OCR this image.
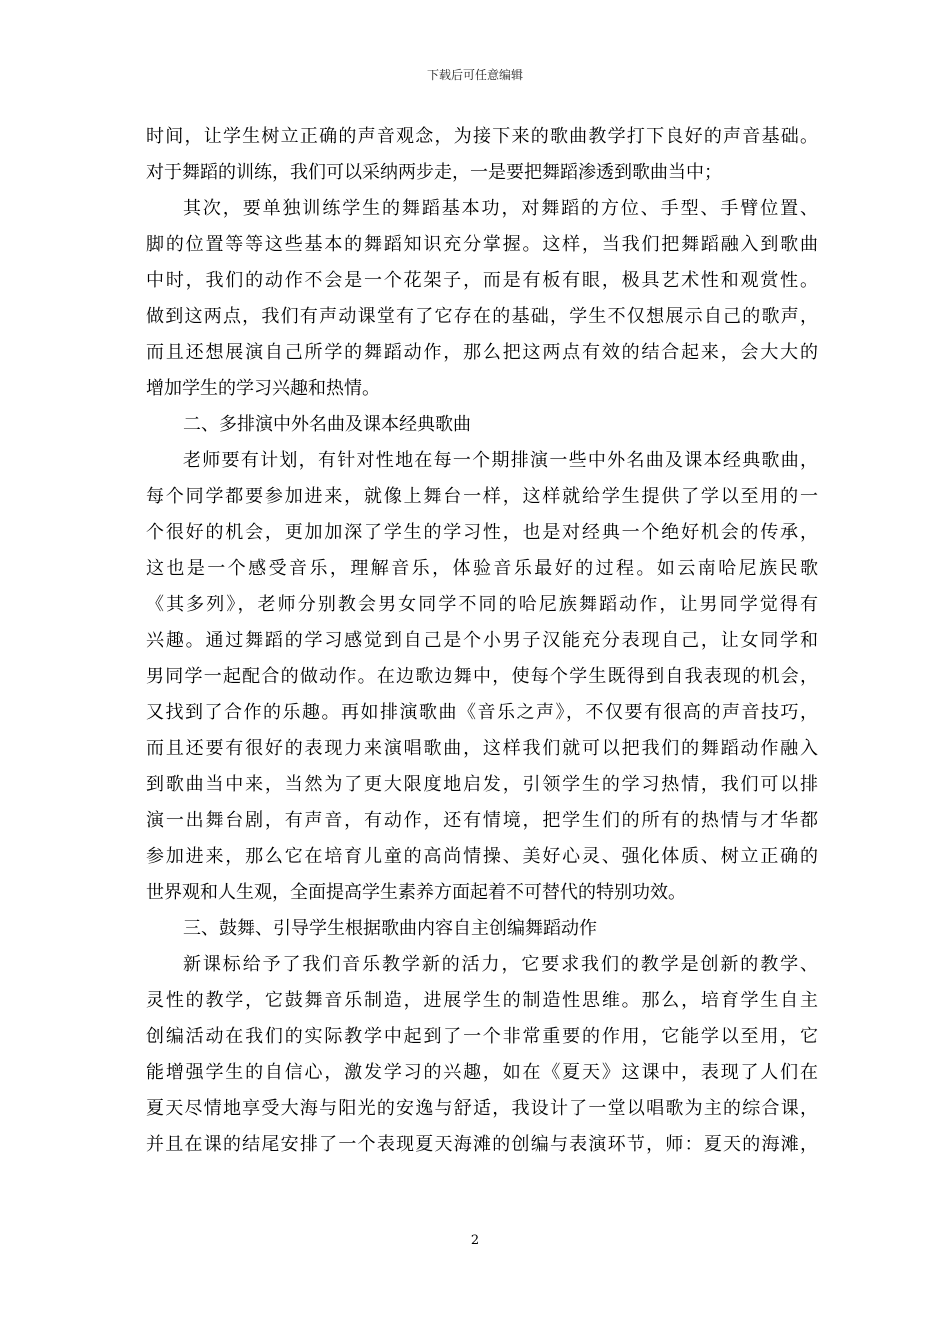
下载后可任意编辑
时间，让学生树立正确的声音观念，为接下来的歌曲教学打下良好的声音基础。
对于舞蹈的训练，我们可以采纳两步走，一是要把舞蹈渗透到歌曲当中；
其次，要单独训练学生的舞蹈基本功，对舞蹈的方位、手型、手臂位置、
脚的位置等等这些基本的舞蹈知识充分掌握。这样，当我们把舞蹈融入到歌曲
中时，我们的动作不会是一个花架子，而是有板有眼，极具艺术性和观赏性。
做到这两点，我们有声动课堂有了它存在的基础，学生不仅想展示自己的歌声，
而且还想展演自己所学的舞蹈动作，那么把这两点有效的结合起来，会大大的
增加学生的学习兴趣和热情。
二、多排演中外名曲及课本经典歌曲
老师要有计划，有针对性地在每一个期排演一些中外名曲及课本经典歌曲，
每个同学都要参加进来，就像上舞台一样，这样就给学生提供了学以至用的一
个很好的机会，更加加深了学生的学习性，也是对经典一个绝好机会的传承，
这也是一个感受音乐，理解音乐，体验音乐最好的过程。如云南哈尼族民歌
《其多列》，老师分别教会男女同学不同的哈尼族舞蹈动作，让男同学觉得有
兴趣。通过舞蹈的学习感觉到自己是个小男子汉能充分表现自己，让女同学和
男同学一起配合的做动作。在边歌边舞中，使每个学生既得到自我表现的机会，
又找到了合作的乐趣。再如排演歌曲《音乐之声》，不仅要有很高的声音技巧，
而且还要有很好的表现力来演唱歌曲，这样我们就可以把我们的舞蹈动作融入
到歌曲当中来，当然为了更大限度地启发，引领学生的学习热情，我们可以排
演一出舞台剧，有声音，有动作，还有情境，把学生们的所有的热情与才华都
参加进来，那么它在培育儿童的高尚情操、美好心灵、强化体质、树立正确的
世界观和人生观，全面提高学生素养方面起着不可替代的特别功效。
三、鼓舞、引导学生根据歌曲内容自主创编舞蹈动作
新课标给予了我们音乐教学新的活力，它要求我们的教学是创新的教学、
灵性的教学，它鼓舞音乐制造，进展学生的制造性思维。那么，培育学生自主
创编活动在我们的实际教学中起到了一个非常重要的作用，它能学以至用，它
能增强学生的自信心，激发学习的兴趣，如在《夏天》这课中，表现了人们在
夏天尽情地享受大海与阳光的安逸与舒适，我设计了一堂以唱歌为主的综合课，
并且在课的结尾安排了一个表现夏天海滩的创编与表演环节，师：夏天的海滩，
2
